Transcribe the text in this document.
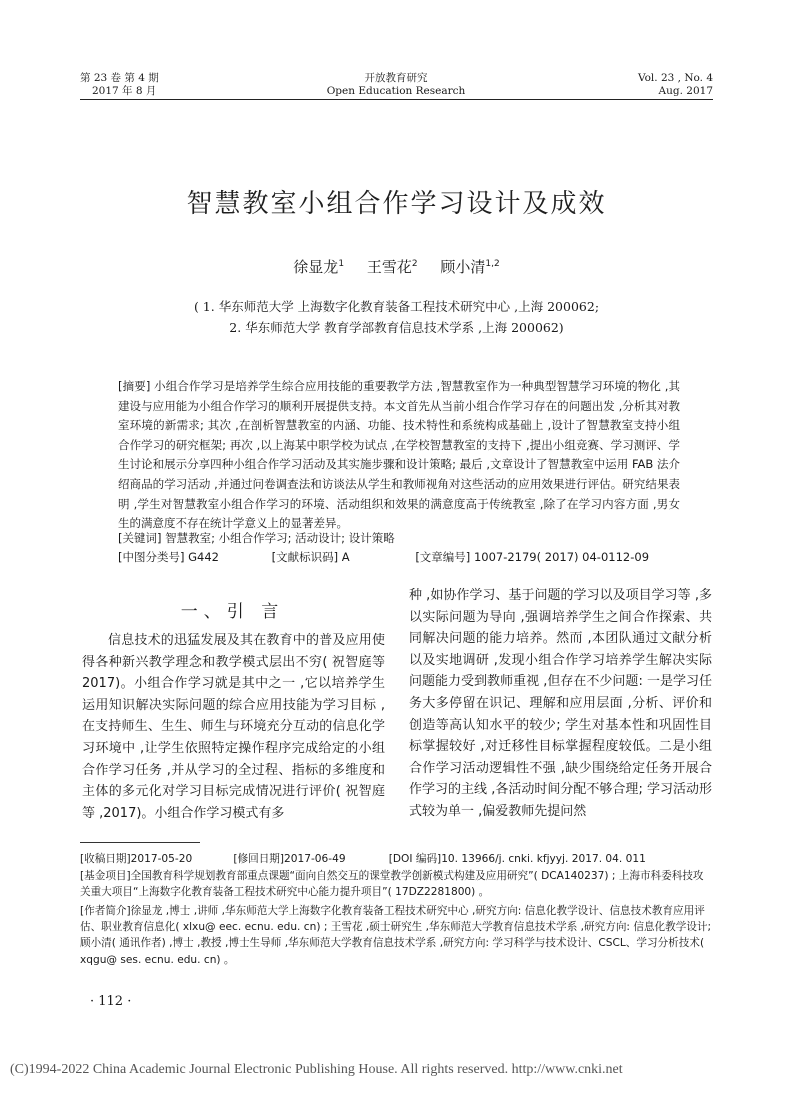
第 23 卷 第 4 期
2017 年 8 月
开放教育研究
Open Education Research
Vol. 23 , No. 4
Aug. 2017
智慧教室小组合作学习设计及成效
徐显龙$^1$ 王雪花$^2$ 顾小清$^{1,2}$
( 1. 华东师范大学 上海数字化教育装备工程技术研究中心 ,上海 200062;
2. 华东师范大学 教育学部教育信息技术学系 ,上海 200062)
[摘要] 小组合作学习是培养学生综合应用技能的重要教学方法 ,智慧教室作为一种典型智慧学习环境的物化 ,其建设与应用能为小组合作学习的顺利开展提供支持。本文首先从当前小组合作学习存在的问题出发 ,分析其对教室环境的新需求; 其次 ,在剖析智慧教室的内涵、功能、技术特性和系统构成基础上 ,设计了智慧教室支持小组合作学习的研究框架; 再次 ,以上海某中职学校为试点 ,在学校智慧教室的支持下 ,提出小组竞赛、学习测评、学生讨论和展示分享四种小组合作学习活动及其实施步骤和设计策略; 最后 ,文章设计了智慧教室中运用 FAB 法介绍商品的学习活动 ,并通过问卷调查法和访谈法从学生和教师视角对这些活动的应用效果进行评估。研究结果表明 ,学生对智慧教室小组合作学习的环境、活动组织和效果的满意度高于传统教室 ,除了在学习内容方面 ,男女生的满意度不存在统计学意义上的显著差异。
[关键词] 智慧教室; 小组合作学习; 活动设计; 设计策略
[中图分类号] G442	[文献标识码] A	[文章编号] 1007-2179( 2017) 04-0112-09
一、引 言
信息技术的迅猛发展及其在教育中的普及应用使得各种新兴教学理念和教学模式层出不穷( 祝智庭等 2017)。小组合作学习就是其中之一 ,它以培养学生运用知识解决实际问题的综合应用技能为学习目标 ,在支持师生、生生、师生与环境充分互动的信息化学习环境中 ,让学生依照特定操作程序完成给定的小组合作学习任务 ,并从学习的全过程、指标的多维度和主体的多元化对学习目标完成情况进行评价( 祝智庭等 ,2017)。小组合作学习模式有多
种 ,如协作学习、基于问题的学习以及项目学习等 ,多以实际问题为导向 ,强调培养学生之间合作探索、共同解决问题的能力培养。然而 ,本团队通过文献分析以及实地调研 ,发现小组合作学习培养学生解决实际问题能力受到教师重视 ,但存在不少问题: 一是学习任务大多停留在识记、理解和应用层面 ,分析、评价和创造等高认知水平的较少; 学生对基本性和巩固性目标掌握较好 ,对迁移性目标掌握程度较低。二是小组合作学习活动逻辑性不强 ,缺少围绕给定任务开展合作学习的主线 ,各活动时间分配不够合理; 学习活动形式较为单一 ,偏爱教师先提问然
[收稿日期]2017-05-20	[修回日期]2017-06-49	[DOI 编码]10. 13966/j. cnki. kfjyyj. 2017. 04. 011
[基金项目]全国教育科学规划教育部重点课题“面向自然交互的课堂教学创新模式构建及应用研究”( DCA140237) ; 上海市科委科技攻关重大项目“上海数字化教育装备工程技术研究中心能力提升项目”( 17DZ2281800) 。
[作者简介]徐显龙 ,博士 ,讲师 ,华东师范大学上海数字化教育装备工程技术研究中心 ,研究方向: 信息化教学设计、信息技术教育应用评估、职业教育信息化( xlxu@ eec. ecnu. edu. cn) ; 王雪花 ,硕士研究生 ,华东师范大学教育信息技术学系 ,研究方向: 信息化教学设计; 顾小清( 通讯作者) ,博士 ,教授 ,博士生导师 ,华东师范大学教育信息技术学系 ,研究方向: 学习科学与技术设计、CSCL、学习分析技术( xqgu@ ses. ecnu. edu. cn) 。
· 112 ·
(C)1994-2022 China Academic Journal Electronic Publishing House. All rights reserved. http://www.cnki.net
